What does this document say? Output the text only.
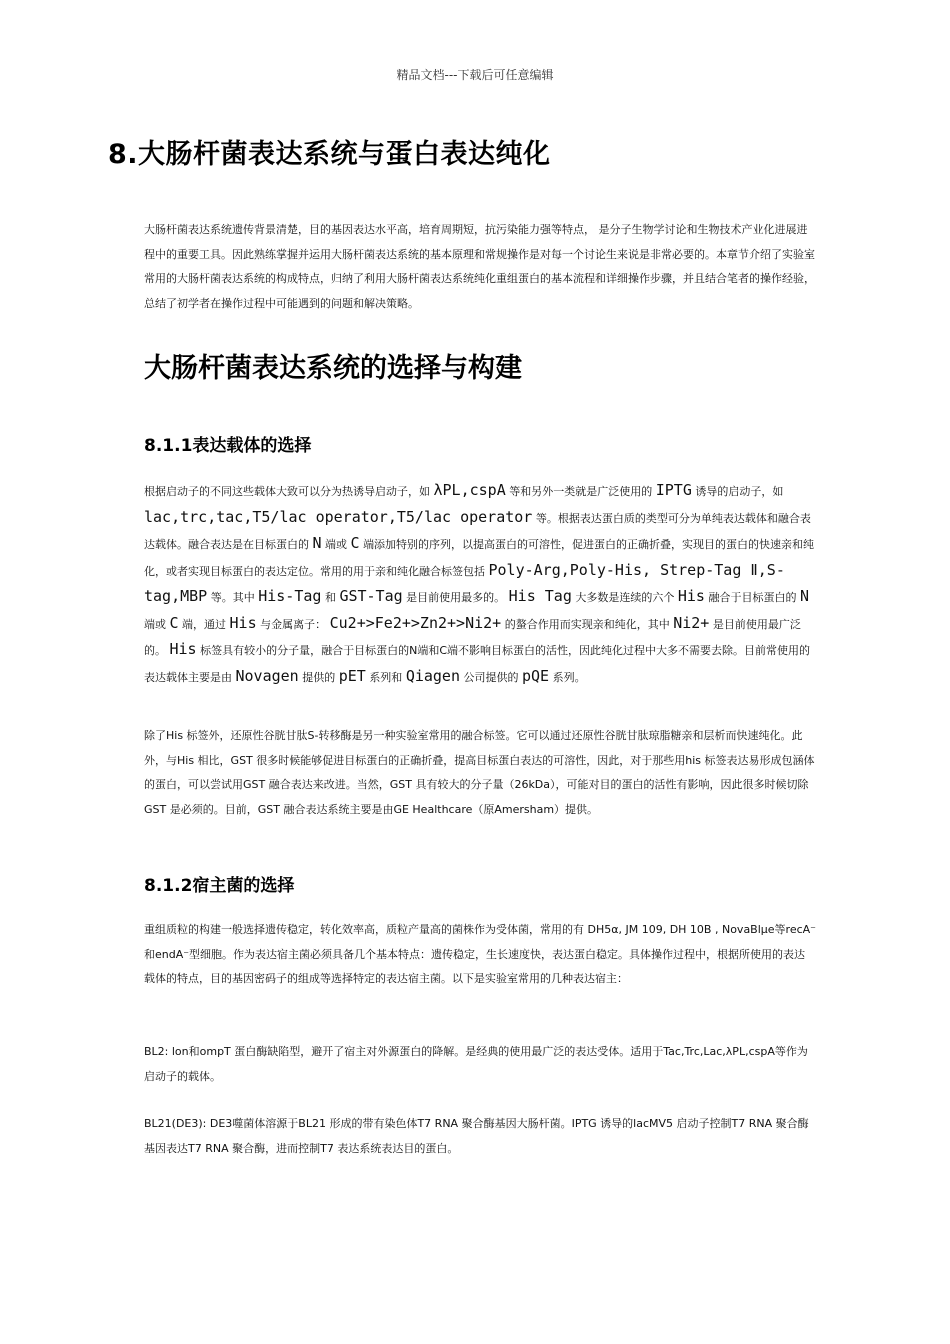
精品文档---下载后可任意编辑
8.大肠杆菌表达系统与蛋白表达纯化
大肠杆菌表达系统遗传背景清楚，目的基因表达水平高，培育周期短，抗污染能力强等特点， 是分子生物学讨论和生物技术产业化进展进程中的重要工具。因此熟练掌握并运用大肠杆菌表达系统的基本原理和常规操作是对每一个讨论生来说是非常必要的。本章节介绍了实验室常用的大肠杆菌表达系统的构成特点，归纳了利用大肠杆菌表达系统纯化重组蛋白的基本流程和详细操作步骤，并且结合笔者的操作经验，总结了初学者在操作过程中可能遇到的问题和解决策略。
大肠杆菌表达系统的选择与构建
8.1.1表达载体的选择
根据启动子的不同这些载体大致可以分为热诱导启动子，如 λPL,cspA 等和另外一类就是广泛使用的 IPTG 诱导的启动子，如 lac,trc,tac,T5/lac operator,T5/lac operator 等。根据表达蛋白质的类型可分为单纯表达载体和融合表达载体。融合表达是在目标蛋白的 N 端或 C 端添加特别的序列，以提高蛋白的可溶性，促进蛋白的正确折叠，实现目的蛋白的快速亲和纯化，或者实现目标蛋白的表达定位。常用的用于亲和纯化融合标签包括 Poly-Arg,Poly-His, Strep-Tag Ⅱ,S-tag,MBP 等。其中 His-Tag 和 GST-Tag 是目前使用最多的。 His Tag 大多数是连续的六个 His 融合于目标蛋白的 N 端或 C 端，通过 His 与金属离子： Cu2+>Fe2+>Zn2+>Ni2+ 的螯合作用而实现亲和纯化，其中 Ni2+ 是目前使用最广泛的。 His 标签具有较小的分子量，融合于目标蛋白的N端和C端不影响目标蛋白的活性，因此纯化过程中大多不需要去除。目前常使用的表达载体主要是由 Novagen 提供的 pET 系列和 Qiagen 公司提供的 pQE 系列。
除了His 标签外，还原性谷胱甘肽S-转移酶是另一种实验室常用的融合标签。它可以通过还原性谷胱甘肽琼脂糖亲和层析而快速纯化。此外，与His 相比，GST 很多时候能够促进目标蛋白的正确折叠，提高目标蛋白表达的可溶性，因此，对于那些用his 标签表达易形成包涵体的蛋白，可以尝试用GST 融合表达来改进。当然，GST 具有较大的分子量（26kDa），可能对目的蛋白的活性有影响，因此很多时候切除GST 是必须的。目前，GST 融合表达系统主要是由GE Healthcare（原Amersham）提供。
8.1.2宿主菌的选择
重组质粒的构建一般选择遗传稳定，转化效率高，质粒产量高的菌株作为受体菌，常用的有 DH5α, JM 109, DH 10B , NovaBlμe等recA⁻和endA⁻型细胞。作为表达宿主菌必须具备几个基本特点：遗传稳定，生长速度快，表达蛋白稳定。具体操作过程中，根据所使用的表达载体的特点，目的基因密码子的组成等选择特定的表达宿主菌。以下是实验室常用的几种表达宿主：
BL2: lon和ompT 蛋白酶缺陷型，避开了宿主对外源蛋白的降解。是经典的使用最广泛的表达受体。适用于Tac,Trc,Lac,λPL,cspA等作为启动子的载体。
BL21(DE3): DE3噬菌体溶源于BL21 形成的带有染色体T7 RNA 聚合酶基因大肠杆菌。IPTG 诱导的lacMV5 启动子控制T7 RNA 聚合酶基因表达T7 RNA 聚合酶，进而控制T7 表达系统表达目的蛋白。
